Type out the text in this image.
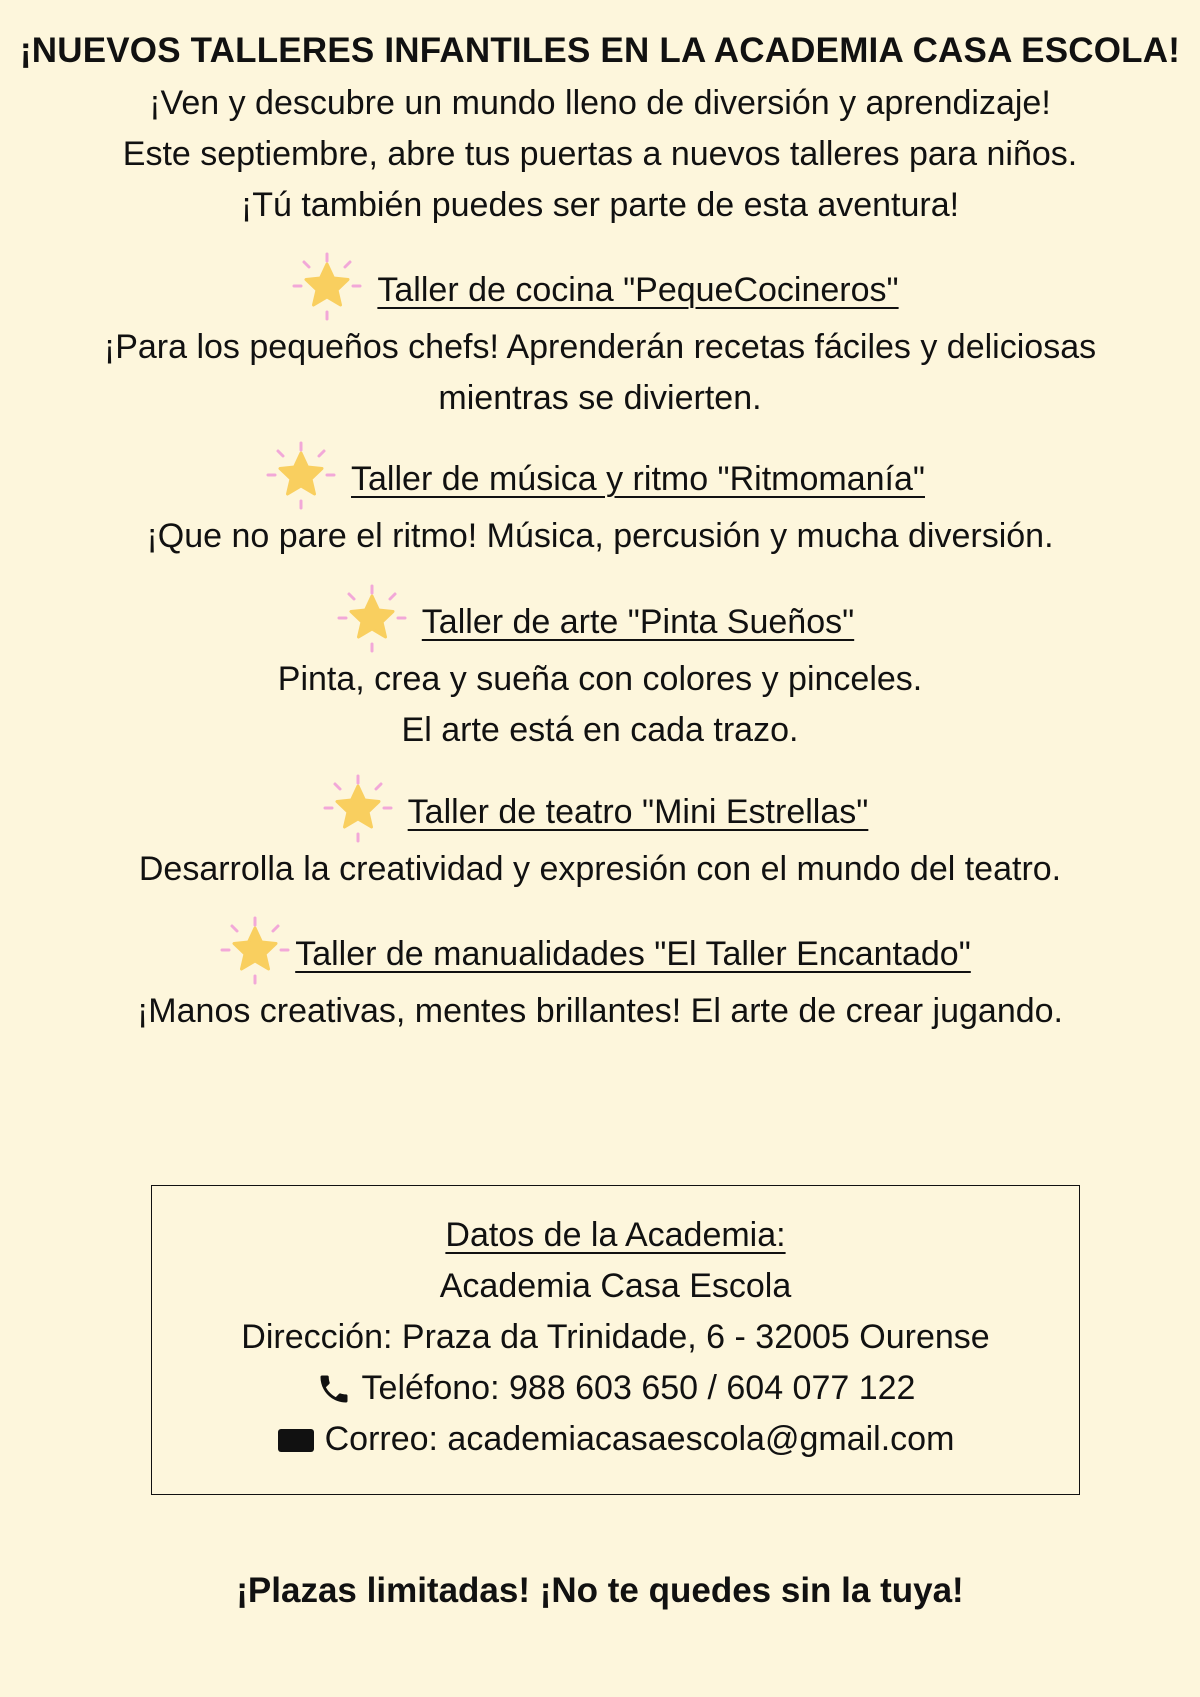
¡NUEVOS TALLERES INFANTILES EN LA ACADEMIA CASA ESCOLA!
¡Ven y descubre un mundo lleno de diversión y aprendizaje!
Este septiembre, abre tus puertas a nuevos talleres para niños.
¡Tú también puedes ser parte de esta aventura!
Taller de cocina "PequeCocineros"
¡Para los pequeños chefs! Aprenderán recetas fáciles y deliciosas
mientras se divierten.
Taller de música y ritmo "Ritmomanía"
¡Que no pare el ritmo! Música, percusión y mucha diversión.
Taller de arte "Pinta Sueños"
Pinta, crea y sueña con colores y pinceles.
El arte está en cada trazo.
Taller de teatro "Mini Estrellas"
Desarrolla la creatividad y expresión con el mundo del teatro.
Taller de manualidades "El Taller Encantado"
¡Manos creativas, mentes brillantes! El arte de crear jugando.
Datos de la Academia:
Academia Casa Escola
Dirección: Praza da Trinidade, 6 - 32005 Ourense
Teléfono: 988 603 650 / 604 077 122
Correo: academiacasaescola@gmail.com
¡Plazas limitadas! ¡No te quedes sin la tuya!
